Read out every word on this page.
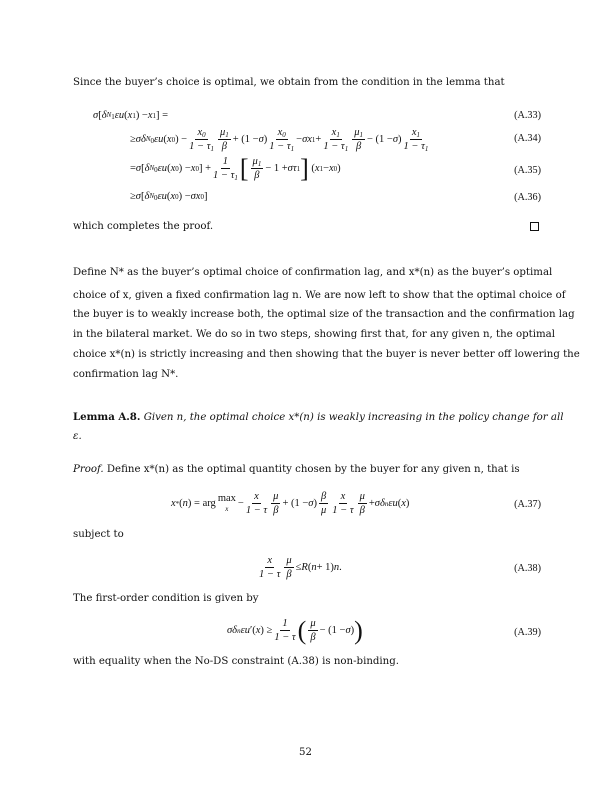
Since the buyer’s choice is optimal, we obtain from the condition in the lemma that
σ [ δ $N_1$ εu ( x 1 ) − x 1 ] =	(A.33)
≥ σδ $N_0$ εu ( x 0 ) − $\frac{x_0}{1 - \tau_1} \frac{\mu_1}{\beta} + (1 - \sigma$ ) $\frac{x_0}{1 - \tau_1} - \sigma x$ $1 + \frac{x_1}{1 - \tau_1} \frac{\mu_1}{\beta} - (1 - \sigma$ ) $\frac{x_1}{1 - \tau_1}$	(A.34)
= σ [ δ $N_0$ εu ( x 0 ) − x 0 ] + $\frac{1}{1 - \tau_1}$ [ $\frac{\mu_1}{\beta} - 1 + \sigma\tau$ 1 ] ( x 1 − x 0 )	(A.35)
≥ σ [ δ $N_0$ εu ( x 0 ) − σx 0 ]	(A.36)
which completes the proof.
Define N* as the buyer’s optimal choice of confirmation lag, and x*(n) as the buyer’s optimal
choice of x, given a fixed confirmation lag n. We are now left to show that the optimal choice of
the buyer is to weakly increase both, the optimal size of the transaction and the confirmation lag
in the bilateral market. We do so in two steps, showing first that, for any given n, the optimal
choice x*(n) is strictly increasing and then showing that the buyer is never better off lowering the
confirmation lag N*.
Lemma A.8. Given n, the optimal choice x*(n) is weakly increasing in the policy change for all
ε.
Proof. Define x*(n) as the optimal quantity chosen by the buyer for any given n, that is
x * ( n ) = arg max
$x - \frac{x}{1 - \tau} \frac{\mu}{\beta} + (1 - \sigma$ ) $\frac{\beta}{\mu} \frac{x}{1 - \tau} \frac{\mu}{\beta} + \sigma\delta$ n εu ( x )	(A.37)
subject to
$\frac{x}{1 - \tau} \frac{\mu}{\beta} \le R$ ( n + 1) n .	(A.38)
The first-order condition is given by
σδ n εu ′( x ) ≥ $\frac{1}{1 - \tau}$ ( $\frac{\mu}{\beta} - (1 - \sigma$ ) )	(A.39)
with equality when the No-DS constraint (A.38) is non-binding.
52
